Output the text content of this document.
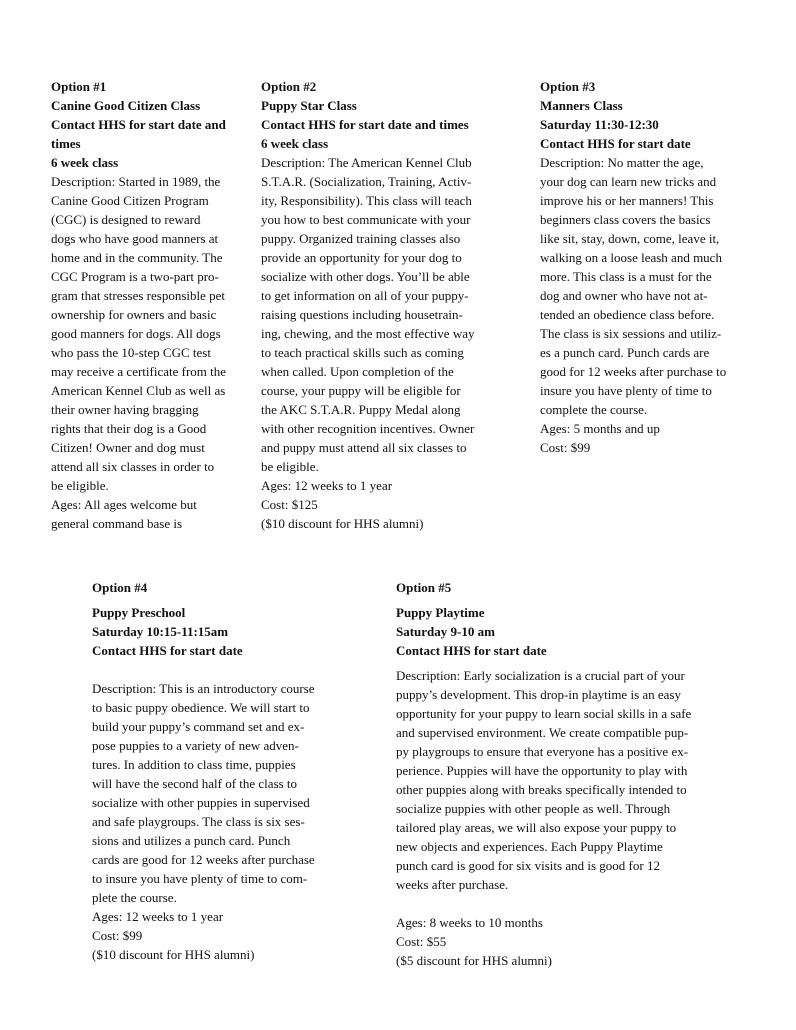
Option #1
Canine Good Citizen Class
Contact HHS for start date and
times
6 week class
Description: Started in 1989, the
Canine Good Citizen Program
(CGC) is designed to reward
dogs who have good manners at
home and in the community. The
CGC Program is a two-part pro-
gram that stresses responsible pet
ownership for owners and basic
good manners for dogs. All dogs
who pass the 10-step CGC test
may receive a certificate from the
American Kennel Club as well as
their owner having bragging
rights that their dog is a Good
Citizen! Owner and dog must
attend all six classes in order to
be eligible.
Ages: All ages welcome but
general command base is
Option #2
Puppy Star Class
Contact HHS for start date and times
6 week class
Description: The American Kennel Club
S.T.A.R. (Socialization, Training, Activ-
ity, Responsibility). This class will teach
you how to best communicate with your
puppy. Organized training classes also
provide an opportunity for your dog to
socialize with other dogs. You’ll be able
to get information on all of your puppy-
raising questions including housetrain-
ing, chewing, and the most effective way
to teach practical skills such as coming
when called. Upon completion of the
course, your puppy will be eligible for
the AKC S.T.A.R. Puppy Medal along
with other recognition incentives. Owner
and puppy must attend all six classes to
be eligible.
Ages: 12 weeks to 1 year
Cost: $125
($10 discount for HHS alumni)
Option #3
Manners Class
Saturday 11:30-12:30
Contact HHS for start date
Description: No matter the age,
your dog can learn new tricks and
improve his or her manners! This
beginners class covers the basics
like sit, stay, down, come, leave it,
walking on a loose leash and much
more. This class is a must for the
dog and owner who have not at-
tended an obedience class before.
The class is six sessions and utiliz-
es a punch card. Punch cards are
good for 12 weeks after purchase to
insure you have plenty of time to
complete the course.
Ages: 5 months and up
Cost: $99
Option #4
Puppy Preschool
Saturday 10:15-11:15am
Contact HHS for start date
Description: This is an introductory course
to basic puppy obedience. We will start to
build your puppy’s command set and ex-
pose puppies to a variety of new adven-
tures. In addition to class time, puppies
will have the second half of the class to
socialize with other puppies in supervised
and safe playgroups. The class is six ses-
sions and utilizes a punch card. Punch
cards are good for 12 weeks after purchase
to insure you have plenty of time to com-
plete the course.
Ages: 12 weeks to 1 year
Cost: $99
($10 discount for HHS alumni)
Option #5
Puppy Playtime
Saturday 9-10 am
Contact HHS for start date
Description: Early socialization is a crucial part of your
puppy’s development. This drop-in playtime is an easy
opportunity for your puppy to learn social skills in a safe
and supervised environment. We create compatible pup-
py playgroups to ensure that everyone has a positive ex-
perience. Puppies will have the opportunity to play with
other puppies along with breaks specifically intended to
socialize puppies with other people as well. Through
tailored play areas, we will also expose your puppy to
new objects and experiences. Each Puppy Playtime
punch card is good for six visits and is good for 12
weeks after purchase.
Ages: 8 weeks to 10 months
Cost: $55
($5 discount for HHS alumni)
